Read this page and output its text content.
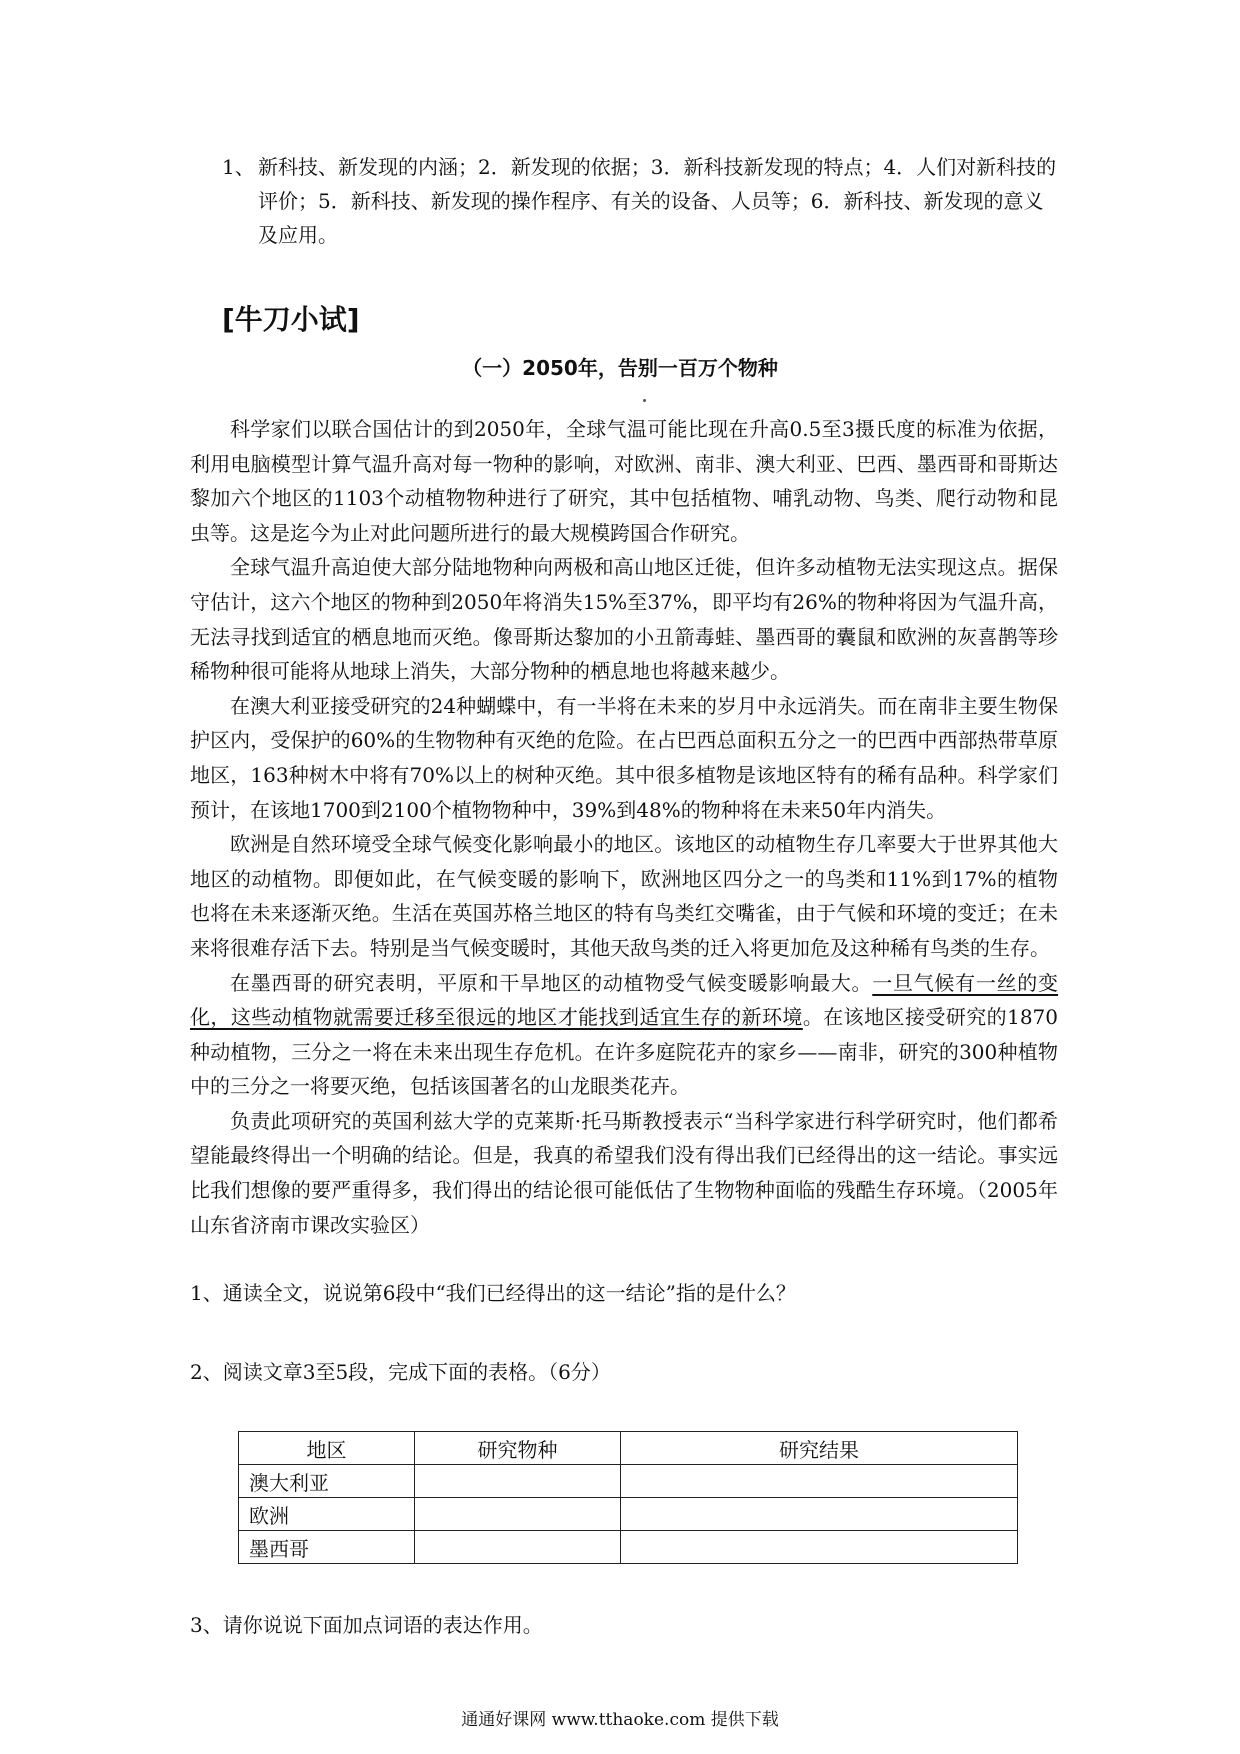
1、 新科技、新发现的内涵；2．新发现的依据；3．新科技新发现的特点；4．人们对新科技的评价；5．新科技、新发现的操作程序、有关的设备、人员等；6．新科技、新发现的意义及应用。
[牛刀小试]
（一）2050年，告别一百万个物种

科学家们以联合国估计的到2050年，全球气温可能比现在升高0.5至3摄氏度的标准为依据，利用电脑模型计算气温升高对每一物种的影响，对欧洲、南非、澳大利亚、巴西、墨西哥和哥斯达黎加六个地区的1103个动植物物种进行了研究，其中包括植物、哺乳动物、鸟类、爬行动物和昆虫等。这是迄今为止对此问题所进行的最大规模跨国合作研究。

全球气温升高迫使大部分陆地物种向两极和高山地区迁徙，但许多动植物无法实现这点。据保守估计，这六个地区的物种到2050年将消失15%至37%，即平均有26%的物种将因为气温升高，无法寻找到适宜的栖息地而灭绝。像哥斯达黎加的小丑箭毒蛙、墨西哥的囊鼠和欧洲的灰喜鹊等珍稀物种很可能将从地球上消失，大部分物种的栖息地也将越来越少。

在澳大利亚接受研究的24种蝴蝶中，有一半将在未来的岁月中永远消失。而在南非主要生物保护区内，受保护的60%的生物物种有灭绝的危险。在占巴西总面积五分之一的巴西中西部热带草原地区，163种树木中将有70%以上的树种灭绝。其中很多植物是该地区特有的稀有品种。科学家们预计，在该地1700到2100个植物物种中，39%到48%的物种将在未来50年内消失。

欧洲是自然环境受全球气候变化影响最小的地区。该地区的动植物生存几率要大于世界其他大地区的动植物。即便如此，在气候变暖的影响下，欧洲地区四分之一的鸟类和11%到17%的植物也将在未来逐渐灭绝。生活在英国苏格兰地区的特有鸟类红交嘴雀，由于气候和环境的变迁；在未来将很难存活下去。特别是当气候变暖时，其他天敌鸟类的迁入将更加危及这种稀有鸟类的生存。

在墨西哥的研究表明，平原和干旱地区的动植物受气候变暖影响最大。一旦气候有一丝的变化，这些动植物就需要迁移至很远的地区才能找到适宜生存的新环境。在该地区接受研究的1870种动植物，三分之一将在未来出现生存危机。在许多庭院花卉的家乡——南非，研究的300种植物中的三分之一将要灭绝，包括该国著名的山龙眼类花卉。

负责此项研究的英国利兹大学的克莱斯·托马斯教授表示“当科学家进行科学研究时，他们都希望能最终得出一个明确的结论。但是，我真的希望我们没有得出我们已经得出的这一结论。事实远比我们想像的要严重得多，我们得出的结论很可能低估了生物物种面临的残酷生存环境。（2005年山东省济南市课改实验区）

1、通读全文，说说第6段中“我们已经得出的这一结论”指的是什么？
2、阅读文章3至5段，完成下面的表格。（6分）
地区	研究物种	研究结果
澳大利亚		
欧洲		
墨西哥		
3、请你说说下面加点词语的表达作用。
通通好课网 www.tthaoke.com 提供下载
